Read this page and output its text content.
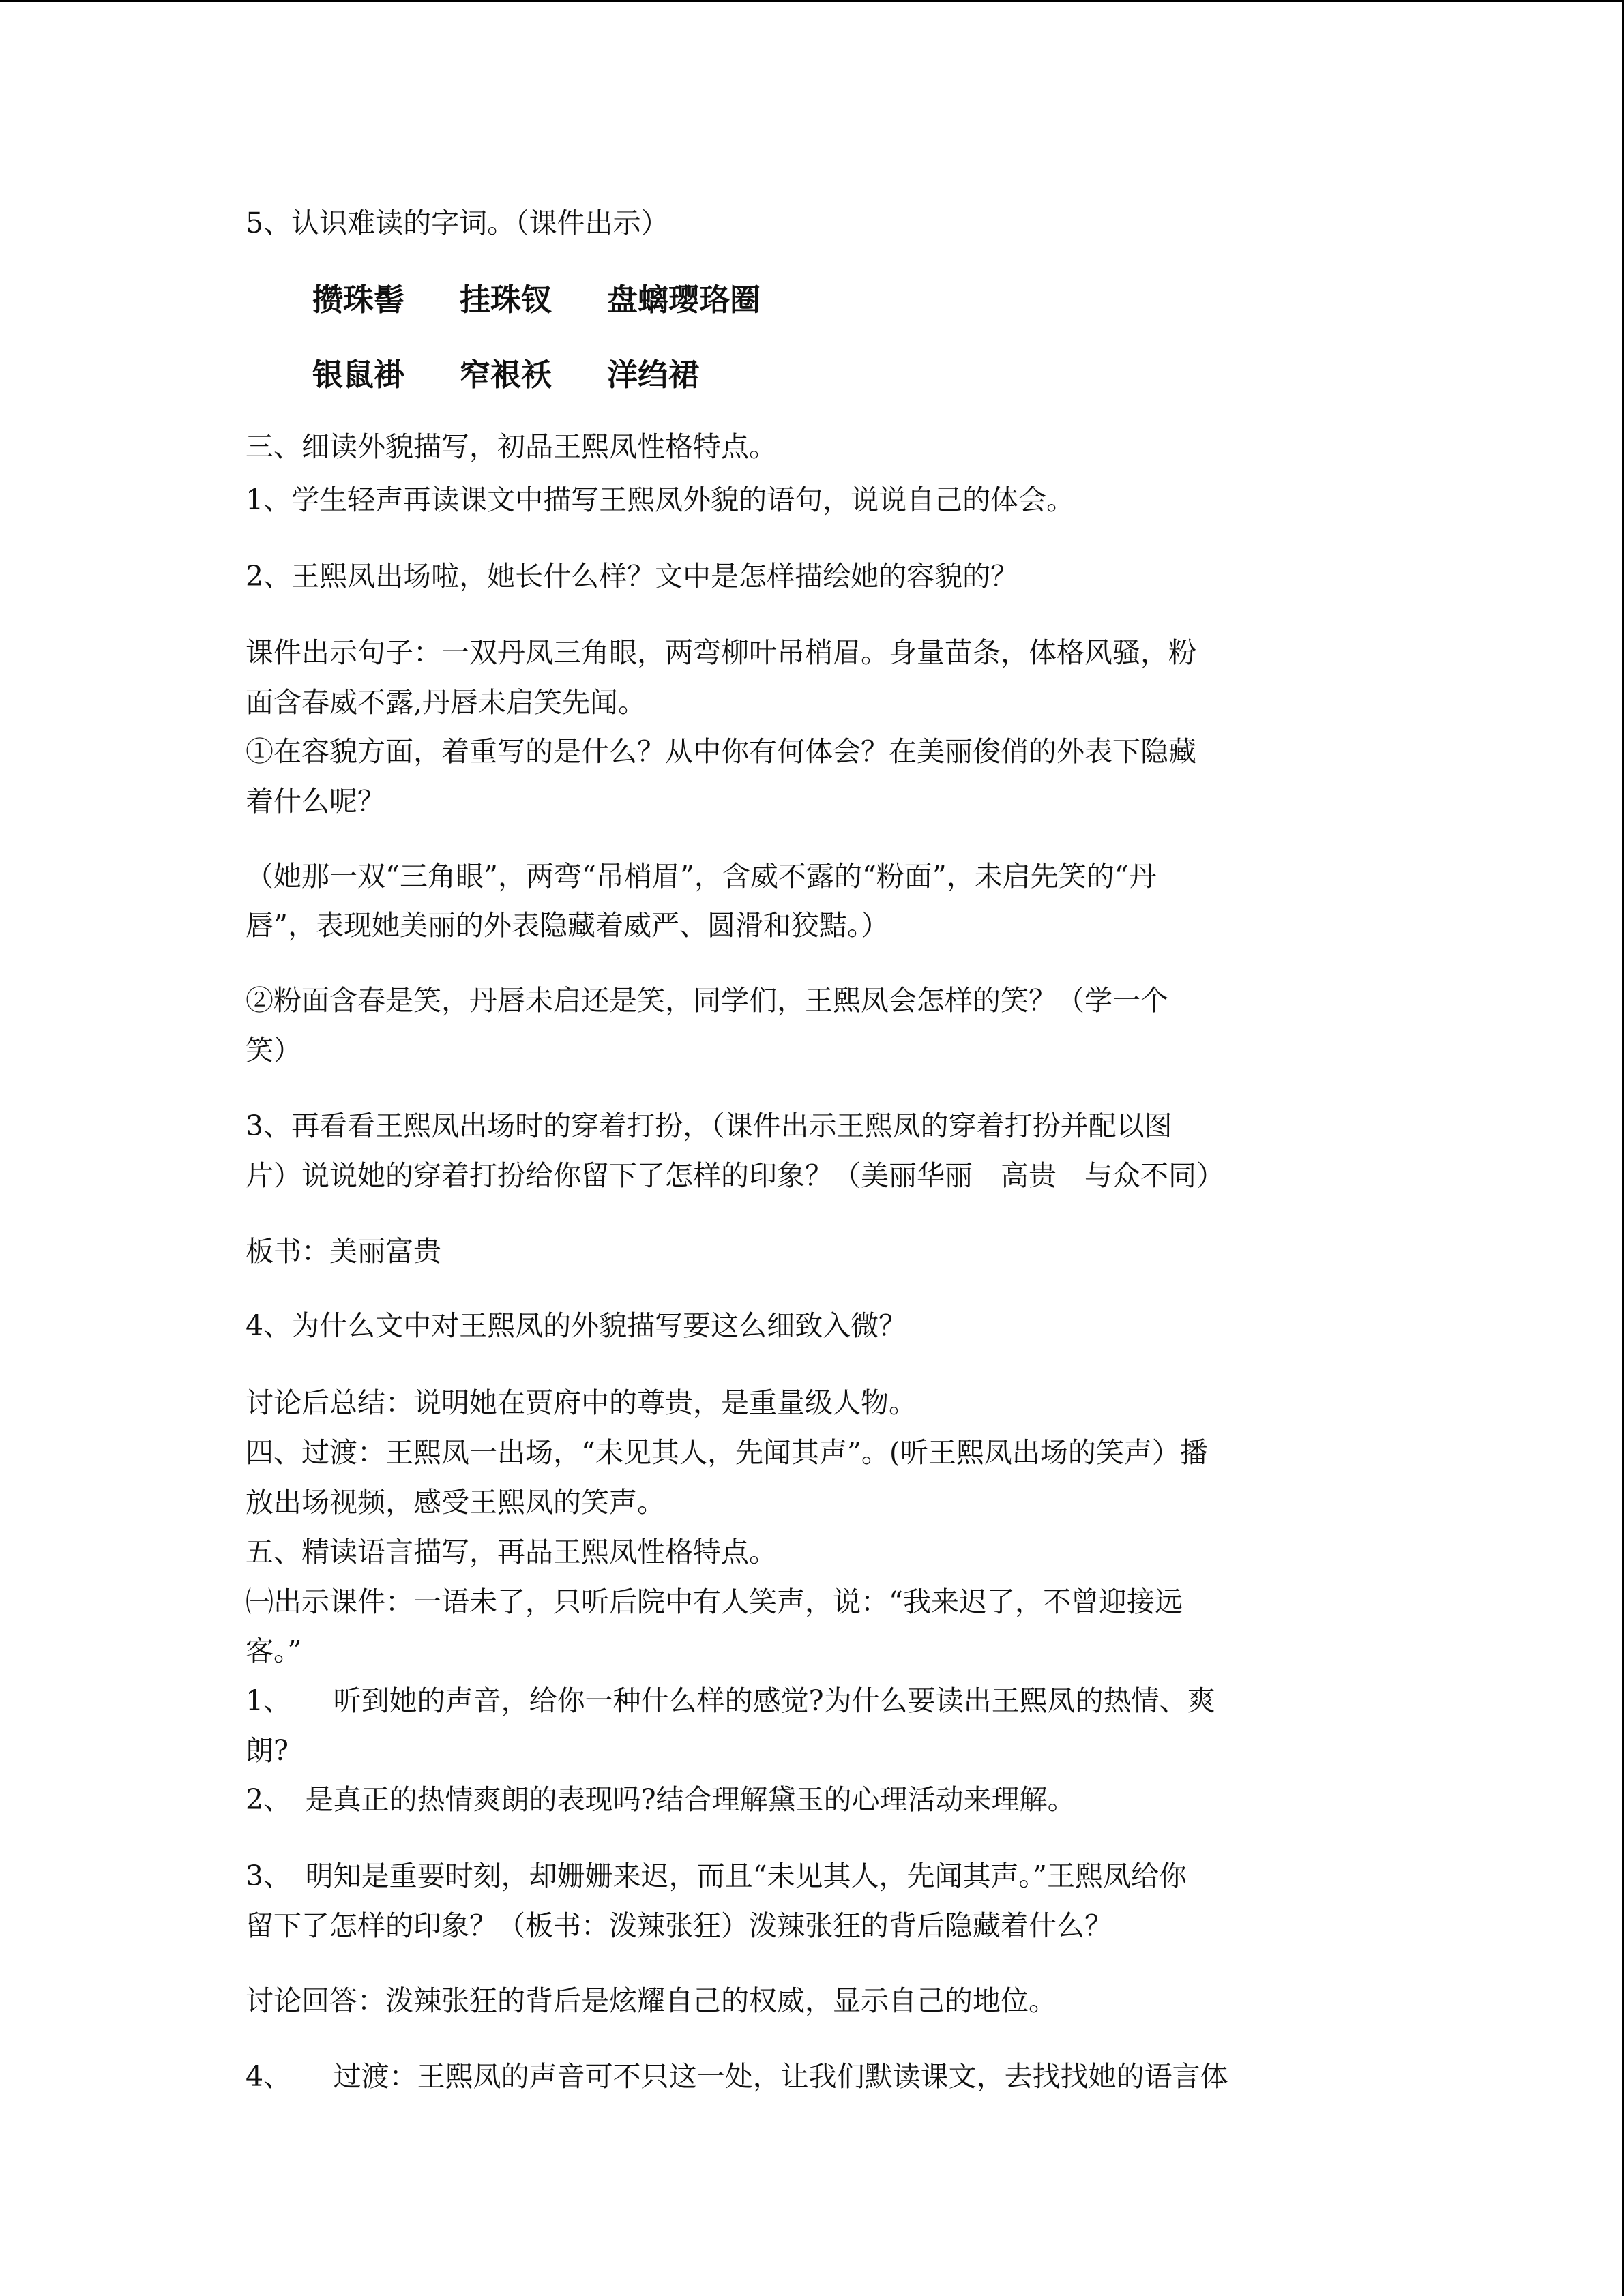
5、认识难读的字词。（课件出示）
攒珠髻 挂珠钗 盘螭璎珞圈
银鼠褂 窄裉袄 洋绉裙
三、细读外貌描写，初品王熙凤性格特点。
1、学生轻声再读课文中描写王熙凤外貌的语句，说说自己的体会。
2、王熙凤出场啦，她长什么样？文中是怎样描绘她的容貌的？
课件出示句子：一双丹凤三角眼，两弯柳叶吊梢眉。身量苗条，体格风骚，粉
面含春威不露,丹唇未启笑先闻。
①在容貌方面，着重写的是什么？从中你有何体会？在美丽俊俏的外表下隐藏
着什么呢？
（她那一双“三角眼”，两弯“吊梢眉”，含威不露的“粉面”，未启先笑的“丹
唇”，表现她美丽的外表隐藏着威严、圆滑和狡黠。）
②粉面含春是笑，丹唇未启还是笑，同学们，王熙凤会怎样的笑？（学一个
笑）
3、再看看王熙凤出场时的穿着打扮，（课件出示王熙凤的穿着打扮并配以图
片）说说她的穿着打扮给你留下了怎样的印象？（美丽华丽　高贵　与众不同）
板书：美丽富贵
4、为什么文中对王熙凤的外貌描写要这么细致入微？
讨论后总结：说明她在贾府中的尊贵，是重量级人物。
四、过渡：王熙凤一出场，“未见其人，先闻其声”。(听王熙凤出场的笑声）播
放出场视频，感受王熙凤的笑声。
五、精读语言描写，再品王熙凤性格特点。
㈠出示课件：一语未了，只听后院中有人笑声，说：“我来迟了，不曾迎接远
客。”
1、　　听到她的声音，给你一种什么样的感觉?为什么要读出王熙凤的热情、爽
朗?
2、　是真正的热情爽朗的表现吗?结合理解黛玉的心理活动来理解。
3、　明知是重要时刻，却姗姗来迟，而且“未见其人，先闻其声。”王熙凤给你
留下了怎样的印象？（板书：泼辣张狂）泼辣张狂的背后隐藏着什么？
讨论回答：泼辣张狂的背后是炫耀自己的权威，显示自己的地位。
4、　　过渡：王熙凤的声音可不只这一处，让我们默读课文，去找找她的语言体
